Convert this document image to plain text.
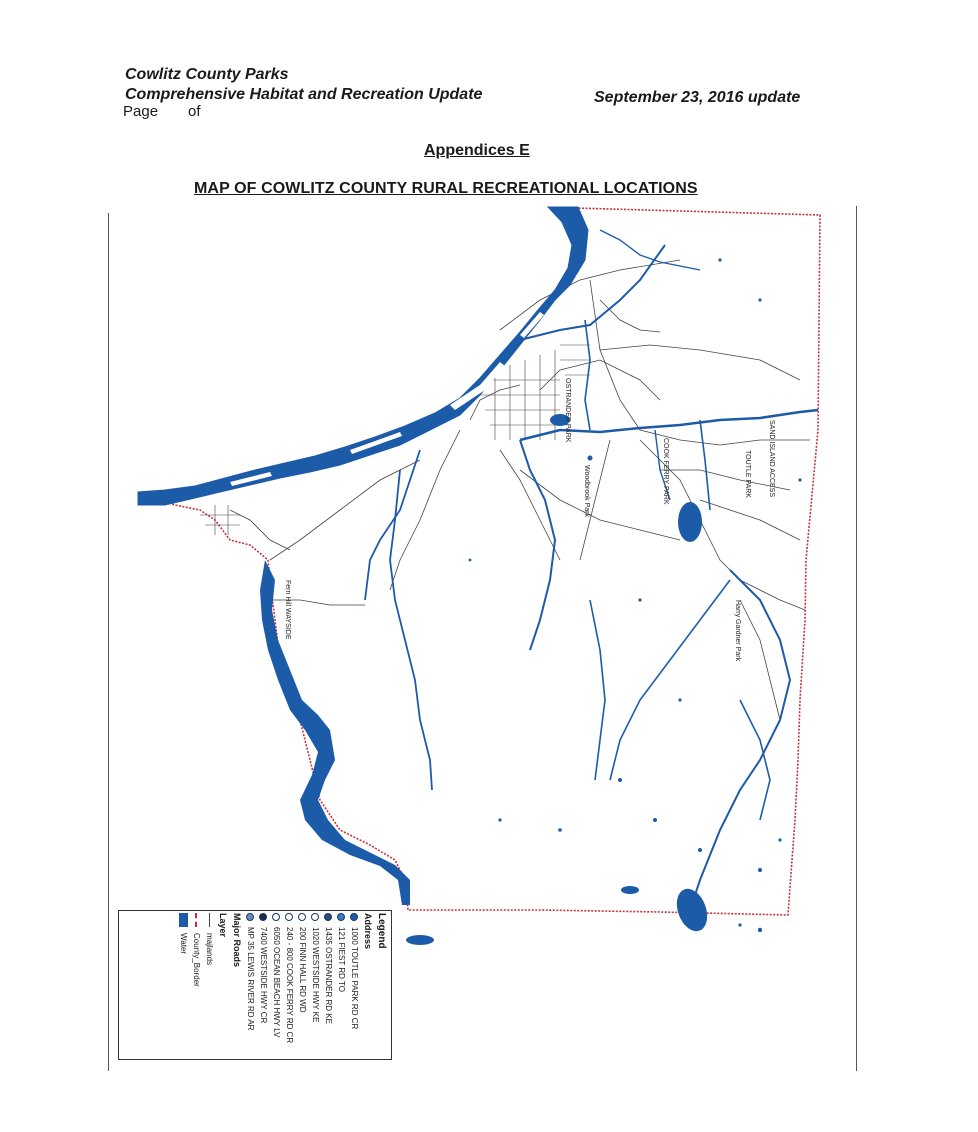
Cowlitz County Parks
Comprehensive Habitat and Recreation Update
Page of
September 23, 2016 update
Appendices E
MAP OF COWLITZ COUNTY RURAL RECREATIONAL LOCATIONS
Woodbrook Park	COOK FERRY PARK	SAND ISLAND ACCESS
TOUTLE PARK
Harry Gardner Park
Fern Hill WAYSIDE
OSTRANDER PARK
Legend
Address
1000 TOUTLE PARK RD CR
121 FIEST RD TO
1435 OSTRANDER RD KE
1020 WESTSIDE HWY KE
200 FINN HALL RD WD
240 - 800 COOK FERRY RD CR
6050 OCEAN BEACH HWY LV
7400 WESTSIDE HWY CR
MP 35 LEWIS RIVER RD AR
Major Roads
Layer
majlands
County_Border
Water
